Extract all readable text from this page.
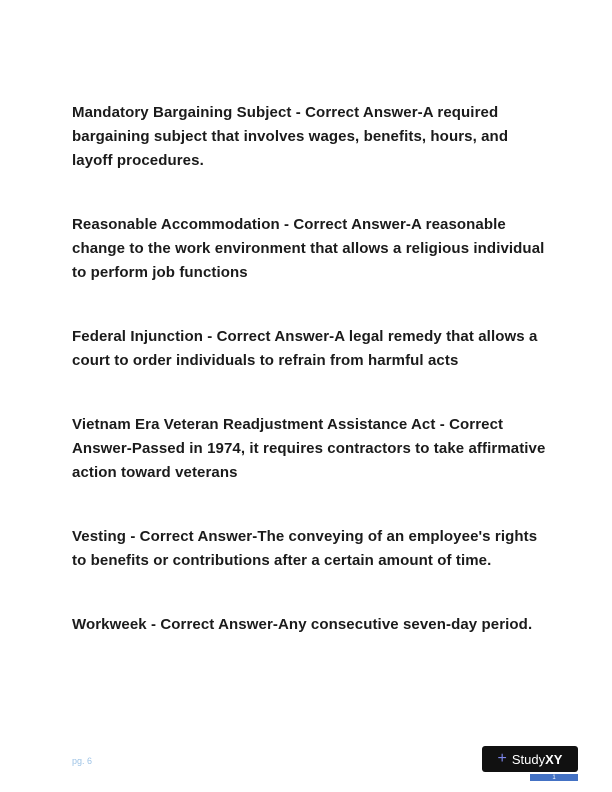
Mandatory Bargaining Subject - Correct Answer-A required bargaining subject that involves wages, benefits, hours, and layoff procedures.

Reasonable Accommodation - Correct Answer-A reasonable change to the work environment that allows a religious individual to perform job functions

Federal Injunction - Correct Answer-A legal remedy that allows a court to order individuals to refrain from harmful acts

Vietnam Era Veteran Readjustment Assistance Act - Correct Answer-Passed in 1974, it requires contractors to take affirmative action toward veterans

Vesting - Correct Answer-The conveying of an employee's rights to benefits or contributions after a certain amount of time.

Workweek - Correct Answer-Any consecutive seven-day period.

pg. 6	+ StudyXY
1
